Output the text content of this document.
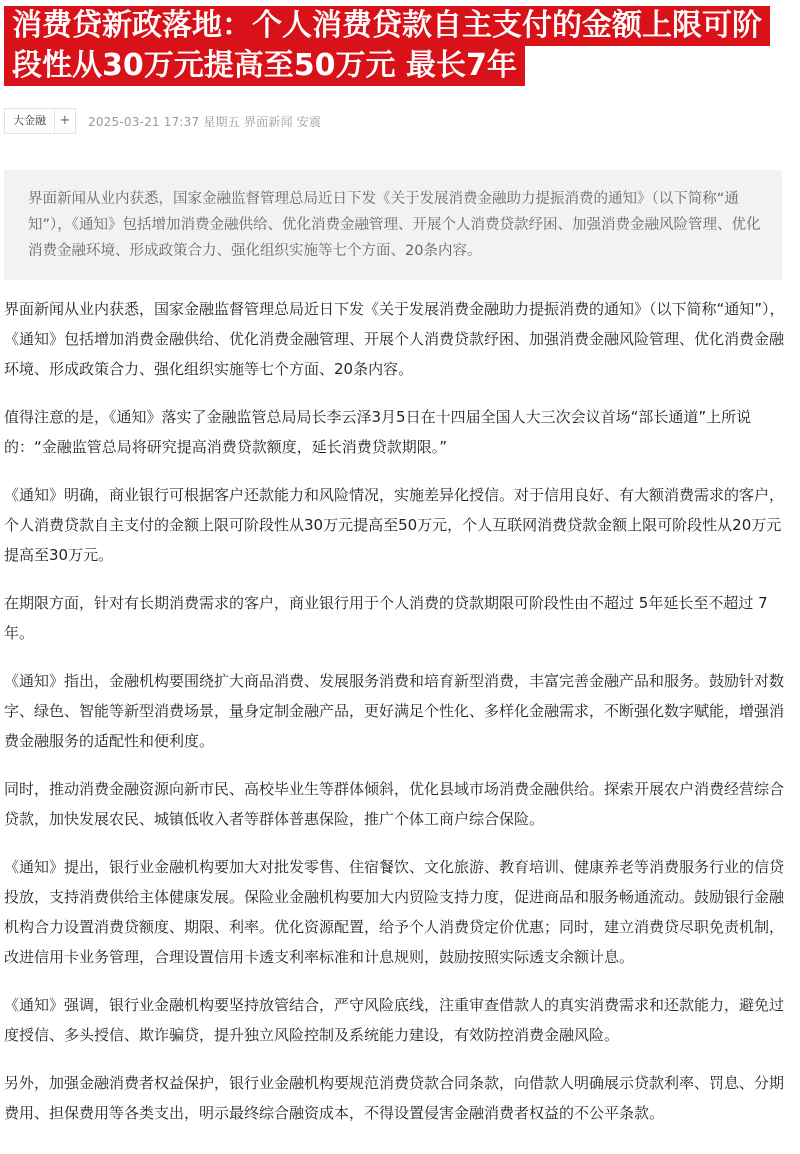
消费贷新政落地：个人消费贷款自主支付的金额上限可阶
段性从30万元提高至50万元 最长7年
大金融	+	2025-03-21 17:37 星期五 界面新闻 安震
界面新闻从业内获悉，国家金融监督管理总局近日下发《关于发展消费金融助力提振消费的通知》（以下简称“通知”），《通知》包括增加消费金融供给、优化消费金融管理、开展个人消费贷款纾困、加强消费金融风险管理、优化消费金融环境、形成政策合力、强化组织实施等七个方面、20条内容。

界面新闻从业内获悉，国家金融监督管理总局近日下发《关于发展消费金融助力提振消费的通知》（以下简称“通知”），《通知》包括增加消费金融供给、优化消费金融管理、开展个人消费贷款纾困、加强消费金融风险管理、优化消费金融环境、形成政策合力、强化组织实施等七个方面、20条内容。

值得注意的是，《通知》落实了金融监管总局局长李云泽3月5日在十四届全国人大三次会议首场“部长通道”上所说的：“金融监管总局将研究提高消费贷款额度，延长消费贷款期限。”

《通知》明确，商业银行可根据客户还款能力和风险情况，实施差异化授信。对于信用良好、有大额消费需求的客户，个人消费贷款自主支付的金额上限可阶段性从30万元提高至50万元，个人互联网消费贷款金额上限可阶段性从20万元提高至30万元。

在期限方面，针对有长期消费需求的客户，商业银行用于个人消费的贷款期限可阶段性由不超过 5年延长至不超过 7 年。

《通知》指出，金融机构要围绕扩大商品消费、发展服务消费和培育新型消费，丰富完善金融产品和服务。鼓励针对数字、绿色、智能等新型消费场景，量身定制金融产品，更好满足个性化、多样化金融需求，不断强化数字赋能，增强消费金融服务的适配性和便利度。

同时，推动消费金融资源向新市民、高校毕业生等群体倾斜，优化县域市场消费金融供给。探索开展农户消费经营综合贷款，加快发展农民、城镇低收入者等群体普惠保险，推广个体工商户综合保险。

《通知》提出，银行业金融机构要加大对批发零售、住宿餐饮、文化旅游、教育培训、健康养老等消费服务行业的信贷投放，支持消费供给主体健康发展。保险业金融机构要加大内贸险支持力度，促进商品和服务畅通流动。鼓励银行金融机构合力设置消费贷额度、期限、利率。优化资源配置，给予个人消费贷定价优惠；同时，建立消费贷尽职免责机制，改进信用卡业务管理，合理设置信用卡透支利率标准和计息规则，鼓励按照实际透支余额计息。

《通知》强调，银行业金融机构要坚持放管结合，严守风险底线，注重审查借款人的真实消费需求和还款能力，避免过度授信、多头授信、欺诈骗贷，提升独立风险控制及系统能力建设，有效防控消费金融风险。

另外，加强金融消费者权益保护，银行业金融机构要规范消费贷款合同条款，向借款人明确展示贷款利率、罚息、分期费用、担保费用等各类支出，明示最终综合融资成本，不得设置侵害金融消费者权益的不公平条款。
